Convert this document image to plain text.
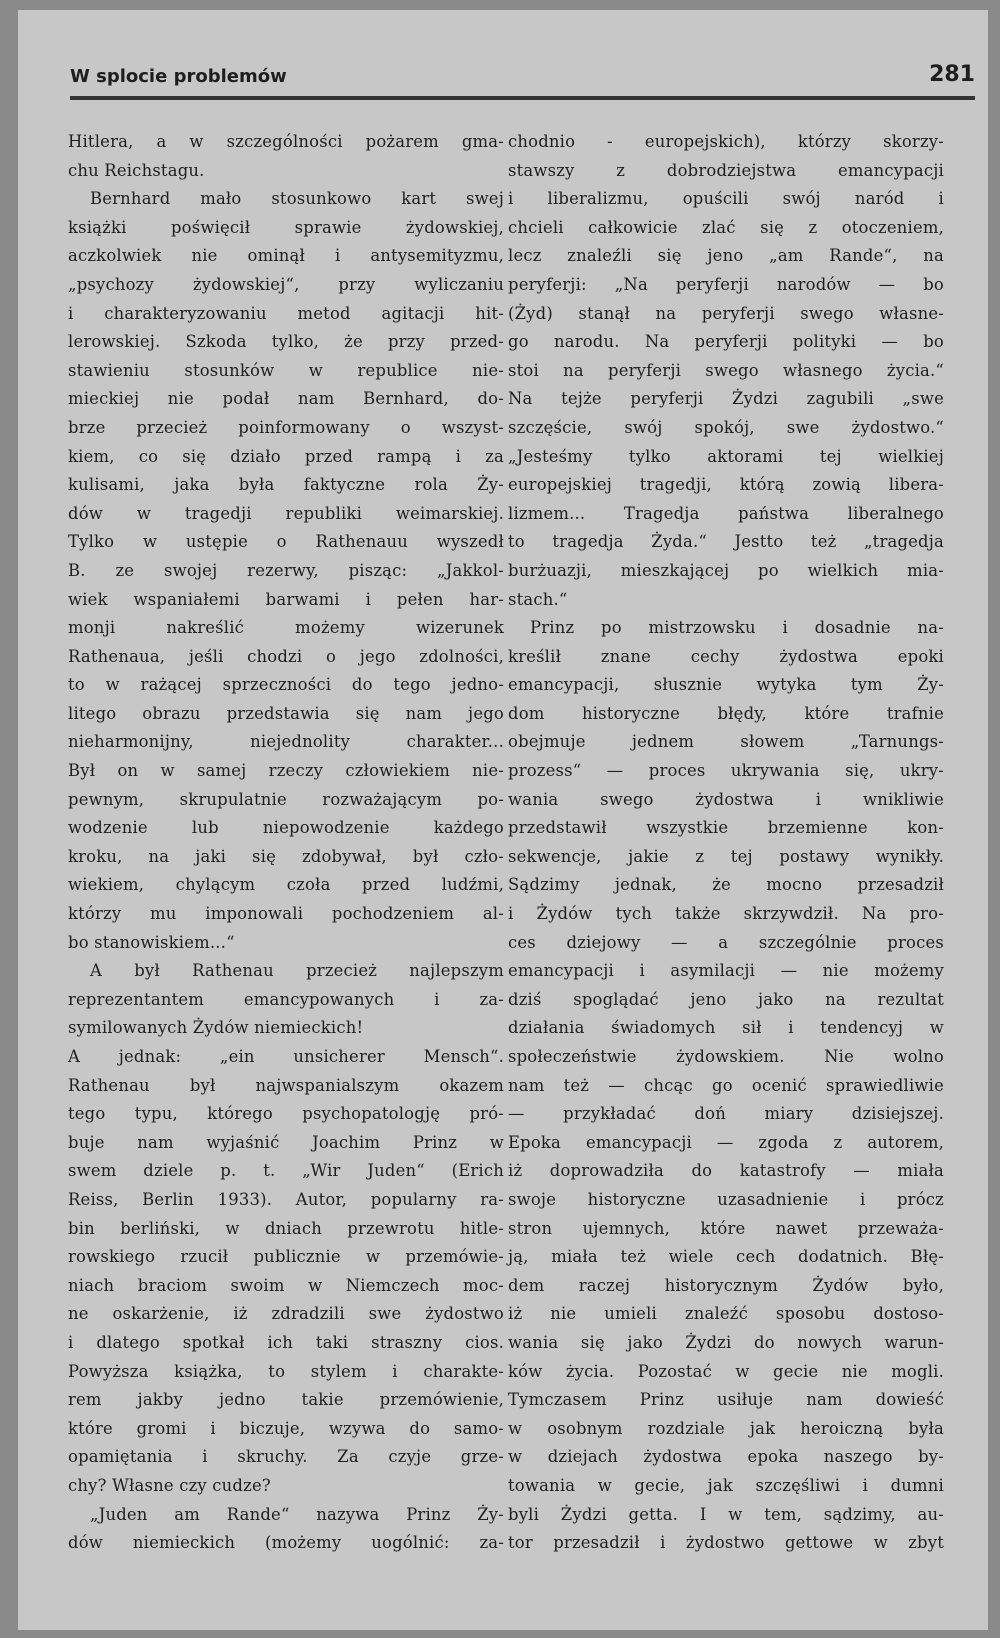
W splocie problemów	281
Hitlera, a w szczególności pożarem gma-
chu Reichstagu.
Bernhard mało stosunkowo kart swej
książki poświęcił sprawie żydowskiej,
aczkolwiek nie ominął i antysemityzmu,
„psychozy żydowskiej“, przy wyliczaniu
i charakteryzowaniu metod agitacji hit-
lerowskiej. Szkoda tylko, że przy przed-
stawieniu stosunków w republice nie-
mieckiej nie podał nam Bernhard, do-
brze przecież poinformowany o wszyst-
kiem, co się działo przed rampą i za
kulisami, jaka była faktyczne rola Ży-
dów w tragedji republiki weimarskiej.
Tylko w ustępie o Rathenauu wyszedł
B. ze swojej rezerwy, pisząc: „Jakkol-
wiek wspaniałemi barwami i pełen har-
monji nakreślić możemy wizerunek
Rathenaua, jeśli chodzi o jego zdolności,
to w rażącej sprzeczności do tego jedno-
litego obrazu przedstawia się nam jego
nieharmonijny, niejednolity charakter...
Był on w samej rzeczy człowiekiem nie-
pewnym, skrupulatnie rozważającym po-
wodzenie lub niepowodzenie każdego
kroku, na jaki się zdobywał, był czło-
wiekiem, chylącym czoła przed ludźmi,
którzy mu imponowali pochodzeniem al-
bo stanowiskiem...“
A był Rathenau przecież najlepszym
reprezentantem emancypowanych i za-
symilowanych Żydów niemieckich!
A jednak: „ein unsicherer Mensch“.
Rathenau był najwspanialszym okazem
tego typu, którego psychopatologję pró-
buje nam wyjaśnić Joachim Prinz w
swem dziele p. t. „Wir Juden“ (Erich
Reiss, Berlin 1933). Autor, popularny ra-
bin berliński, w dniach przewrotu hitle-
rowskiego rzucił publicznie w przemówie-
niach braciom swoim w Niemczech moc-
ne oskarżenie, iż zdradzili swe żydostwo
i dlatego spotkał ich taki straszny cios.
Powyższa książka, to stylem i charakte-
rem jakby jedno takie przemówienie,
które gromi i biczuje, wzywa do samo-
opamiętania i skruchy. Za czyje grze-
chy? Własne czy cudze?
„Juden am Rande“ nazywa Prinz Ży-
dów niemieckich (możemy uogólnić: za-
chodnio - europejskich), którzy skorzy-
stawszy z dobrodziejstwa emancypacji
i liberalizmu, opuścili swój naród i
chcieli całkowicie zlać się z otoczeniem,
lecz znaleźli się jeno „am Rande“, na
peryferji: „Na peryferji narodów — bo
(Żyd) stanął na peryferji swego własne-
go narodu. Na peryferji polityki — bo
stoi na peryferji swego własnego życia.“
Na tejże peryferji Żydzi zagubili „swe
szczęście, swój spokój, swe żydostwo.“
„Jesteśmy tylko aktorami tej wielkiej
europejskiej tragedji, którą zowią libera-
lizmem... Tragedja państwa liberalnego
to tragedja Żyda.“ Jestto też „tragedja
burżuazji, mieszkającej po wielkich mia-
stach.“
Prinz po mistrzowsku i dosadnie na-
kreślił znane cechy żydostwa epoki
emancypacji, słusznie wytyka tym Ży-
dom historyczne błędy, które trafnie
obejmuje jednem słowem „Tarnungs-
prozess“ — proces ukrywania się, ukry-
wania swego żydostwa i wnikliwie
przedstawił wszystkie brzemienne kon-
sekwencje, jakie z tej postawy wynikły.
Sądzimy jednak, że mocno przesadził
i Żydów tych także skrzywdził. Na pro-
ces dziejowy — a szczególnie proces
emancypacji i asymilacji — nie możemy
dziś spoglądać jeno jako na rezultat
działania świadomych sił i tendencyj w
społeczeństwie żydowskiem. Nie wolno
nam też — chcąc go ocenić sprawiedliwie
— przykładać doń miary dzisiejszej.
Epoka emancypacji — zgoda z autorem,
iż doprowadziła do katastrofy — miała
swoje historyczne uzasadnienie i prócz
stron ujemnych, które nawet przeważa-
ją, miała też wiele cech dodatnich. Błę-
dem raczej historycznym Żydów było,
iż nie umieli znaleźć sposobu dostoso-
wania się jako Żydzi do nowych warun-
ków życia. Pozostać w gecie nie mogli.
Tymczasem Prinz usiłuje nam dowieść
w osobnym rozdziale jak heroiczną była
w dziejach żydostwa epoka naszego by-
towania w gecie, jak szczęśliwi i dumni
byli Żydzi getta. I w tem, sądzimy, au-
tor przesadził i żydostwo gettowe w zbyt
